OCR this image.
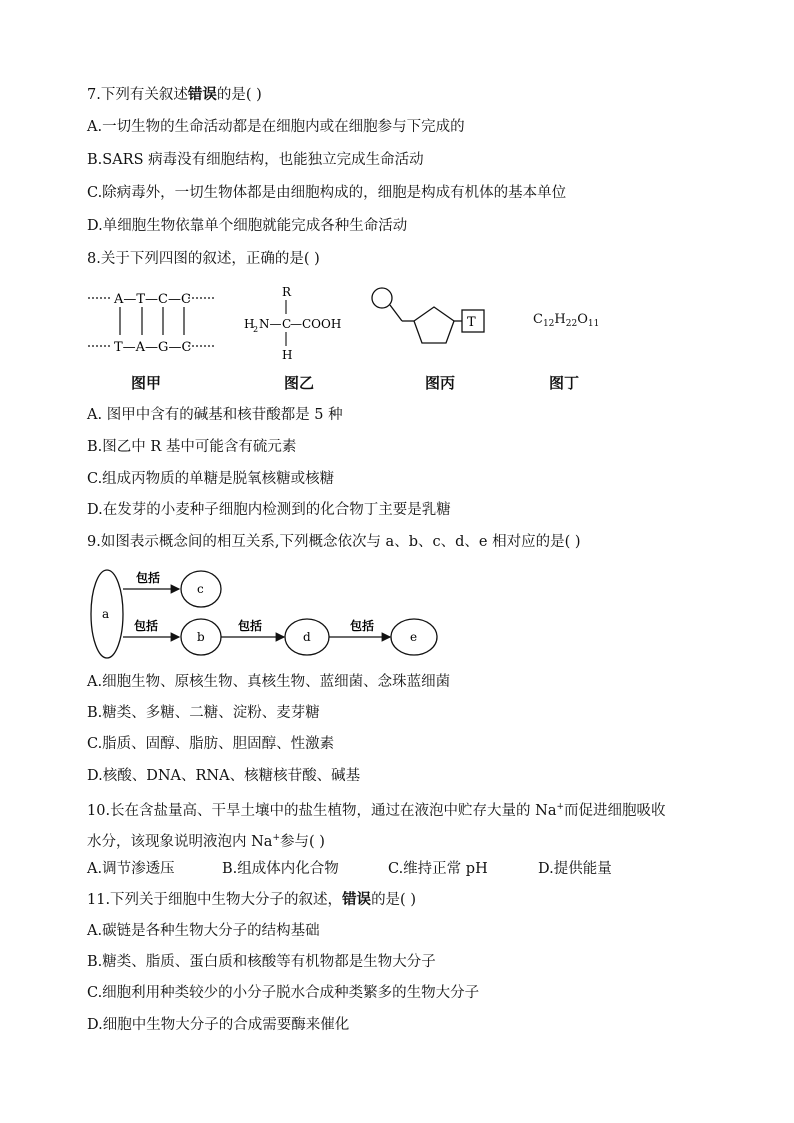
7.下列有关叙述错误的是( )
A.一切生物的生命活动都是在细胞内或在细胞参与下完成的
B.SARS 病毒没有细胞结构，也能独立完成生命活动
C.除病毒外，一切生物体都是由细胞构成的，细胞是构成有机体的基本单位
D.单细胞生物依靠单个细胞就能完成各种生命活动
8.关于下列四图的叙述，正确的是( )
A—T—C—C
T—A—G—C
图甲
R
H
2 N— C
—COOH
H
图乙
T
图丙
$C_{12}H_{22}O_{11}$
图丁
A. 图甲中含有的碱基和核苷酸都是 5 种
B.图乙中 R 基中可能含有硫元素
C.组成丙物质的单糖是脱氧核糖或核糖
D.在发芽的小麦种子细胞内检测到的化合物丁主要是乳糖
9.如图表示概念间的相互关系,下列概念依次与 a、b、c、d、e 相对应的是( )
a
包括
c
包括
b
包括
d
包括
e
A.细胞生物、原核生物、真核生物、蓝细菌、念珠蓝细菌
B.糖类、多糖、二糖、淀粉、麦芽糖
C.脂质、固醇、脂肪、胆固醇、性激素
D.核酸、DNA、RNA、核糖核苷酸、碱基
10.长在含盐量高、干旱土壤中的盐生植物，通过在液泡中贮存大量的 Na+而促进细胞吸收
水分，该现象说明液泡内 Na+参与( )
A.调节渗透压	B.组成体内化合物	C.维持正常 pH	D.提供能量
11.下列关于细胞中生物大分子的叙述，错误的是( )
A.碳链是各种生物大分子的结构基础
B.糖类、脂质、蛋白质和核酸等有机物都是生物大分子
C.细胞利用种类较少的小分子脱水合成种类繁多的生物大分子
D.细胞中生物大分子的合成需要酶来催化
